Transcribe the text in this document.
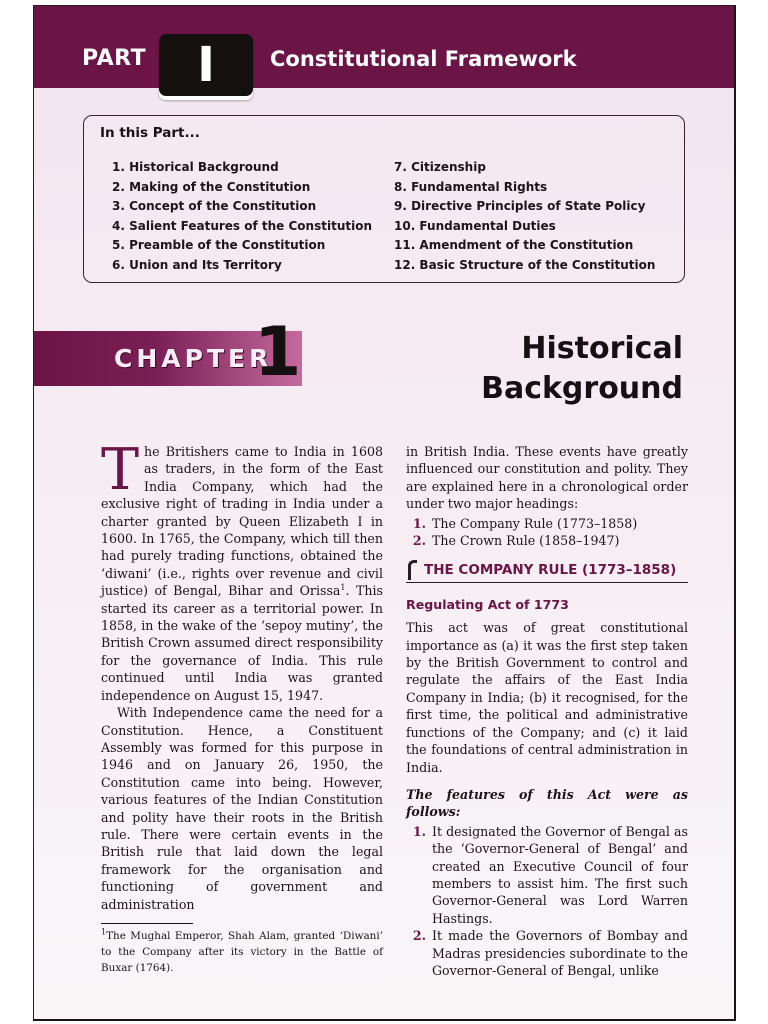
PART	I	Constitutional Framework
In this Part...
1. Historical Background
2. Making of the Constitution
3. Concept of the Constitution
4. Salient Features of the Constitution
5. Preamble of the Constitution
6. Union and Its Territory
7. Citizenship
8. Fundamental Rights
9. Directive Principles of State Policy
10. Fundamental Duties
11. Amendment of the Constitution
12. Basic Structure of the Constitution
CHAPTER
1	Historical
Background

The Britishers came to India in 1608 as traders, in the form of the East India Company, which had the exclusive right of trading in India under a charter granted by Queen Elizabeth I in 1600. In 1765, the Company, which till then had purely trading functions, obtained the ‘diwani’ (i.e., rights over revenue and civil justice) of Bengal, Bihar and Orissa$^1$. This started its career as a territorial power. In 1858, in the wake of the ‘sepoy mutiny’, the British Crown assumed direct responsibility for the governance of India. This rule continued until India was granted independence on August 15, 1947.

With Independence came the need for a Constitution. Hence, a Constituent Assembly was formed for this purpose in 1946 and on January 26, 1950, the Constitution came into being. However, various features of the Indian Constitution and polity have their roots in the British rule. There were certain events in the British rule that laid down the legal framework for the organisation and functioning of government and administration

$^1$The Mughal Emperor, Shah Alam, granted ‘Diwani’ to the Company after its victory in the Battle of Buxar (1764).

in British India. These events have greatly influenced our constitution and polity. They are explained here in a chronological order under two major headings:

1. The Company Rule (1773–1858)
2. The Crown Rule (1858–1947)
THE COMPANY RULE (1773–1858)
Regulating Act of 1773

This act was of great constitutional importance as (a) it was the first step taken by the British Government to control and regulate the affairs of the East India Company in India; (b) it recognised, for the first time, the political and administrative functions of the Company; and (c) it laid the foundations of central administration in India.

The features of this Act were as follows:
1. It designated the Governor of Bengal as the ‘Governor-General of Bengal’ and created an Executive Council of four members to assist him. The first such Governor-General was Lord Warren Hastings.
2. It made the Governors of Bombay and Madras presidencies subordinate to the Governor-General of Bengal, unlike
